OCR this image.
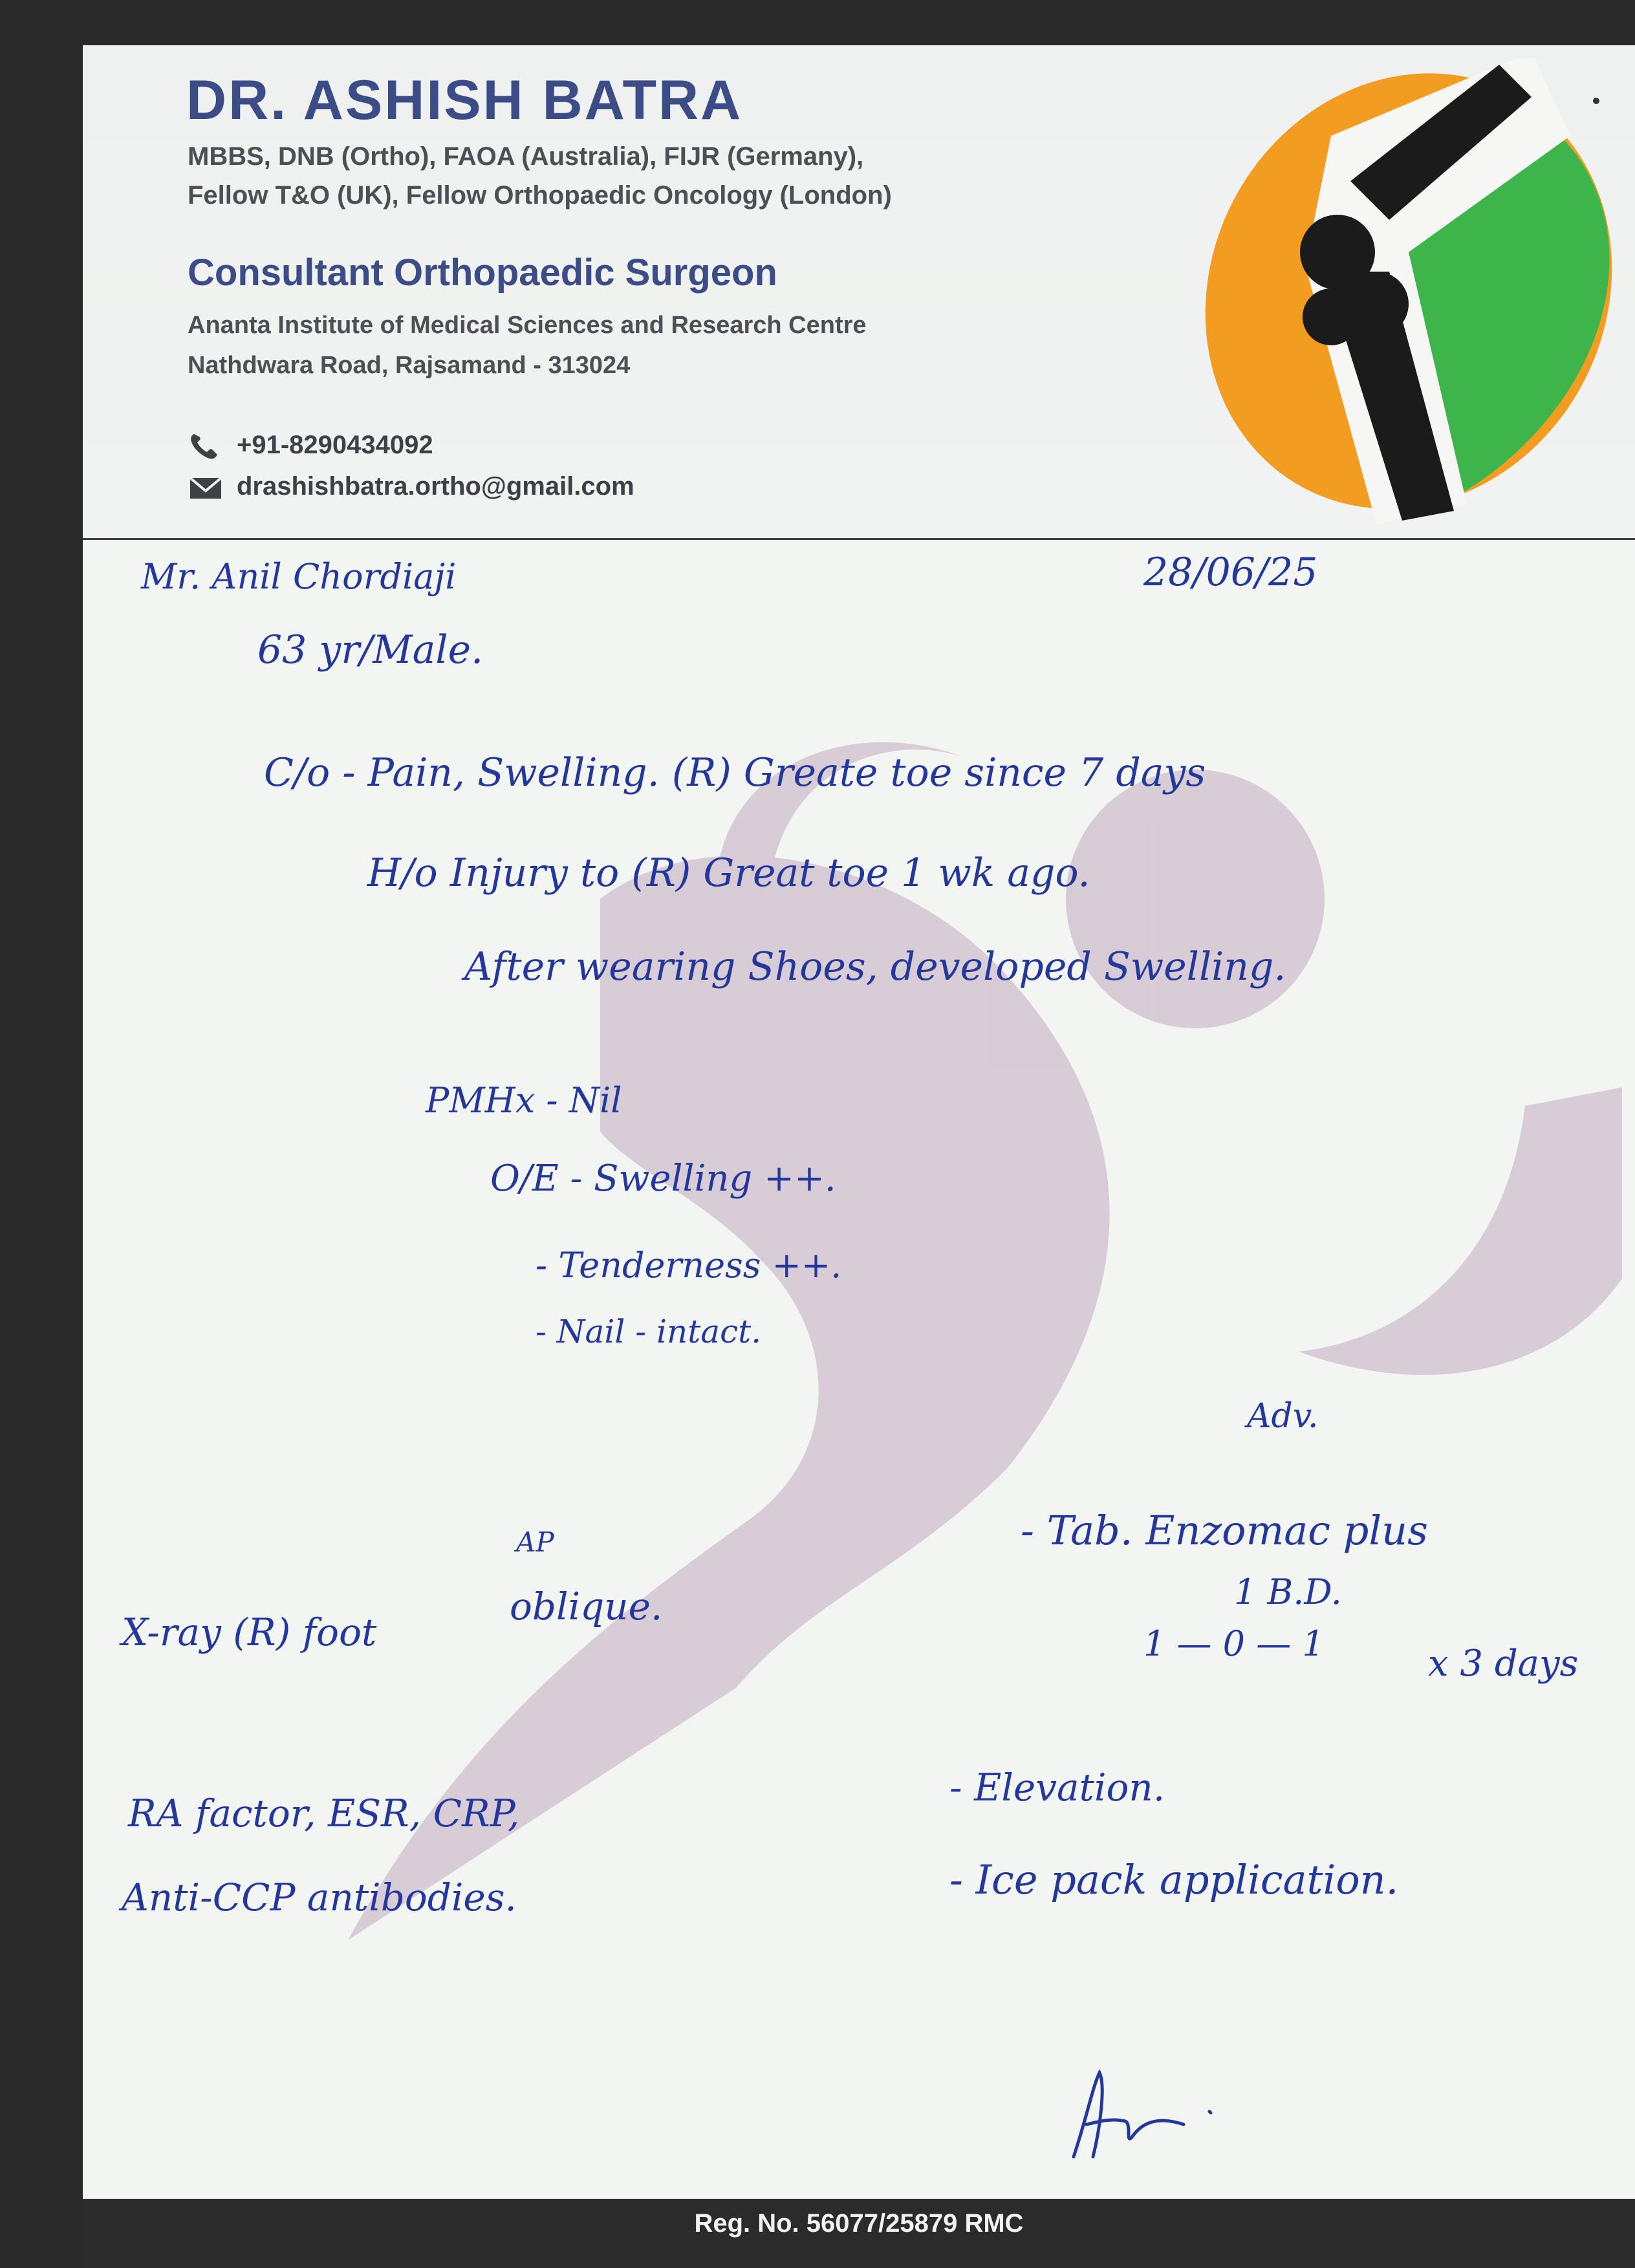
DR. ASHISH BATRA
MBBS, DNB (Ortho), FAOA (Australia), FIJR (Germany),
Fellow T&O (UK), Fellow Orthopaedic Oncology (London)
Consultant Orthopaedic Surgeon
Ananta Institute of Medical Sciences and Research Centre
Nathdwara Road, Rajsamand - 313024
+91-8290434092
drashishbatra.ortho@gmail.com
Mr. Anil Chordiaji	28/06/25
63 yr/Male.
C/o - Pain, Swelling. (R) Greate toe since 7 days
H/o Injury to (R) Great toe 1 wk ago.
After wearing Shoes, developed Swelling.
PMHx - Nil
O/E - Swelling ++.
- Tenderness ++.
- Nail - intact.
Adv.
X-ray (R) foot
AP
oblique.
- Tab. Enzomac plus
1 B.D.
1 — 0 — 1	x 3 days
RA factor, ESR, CRP,
Anti-CCP antibodies.
- Elevation.
- Ice pack application.
Reg. No. 56077/25879 RMC
